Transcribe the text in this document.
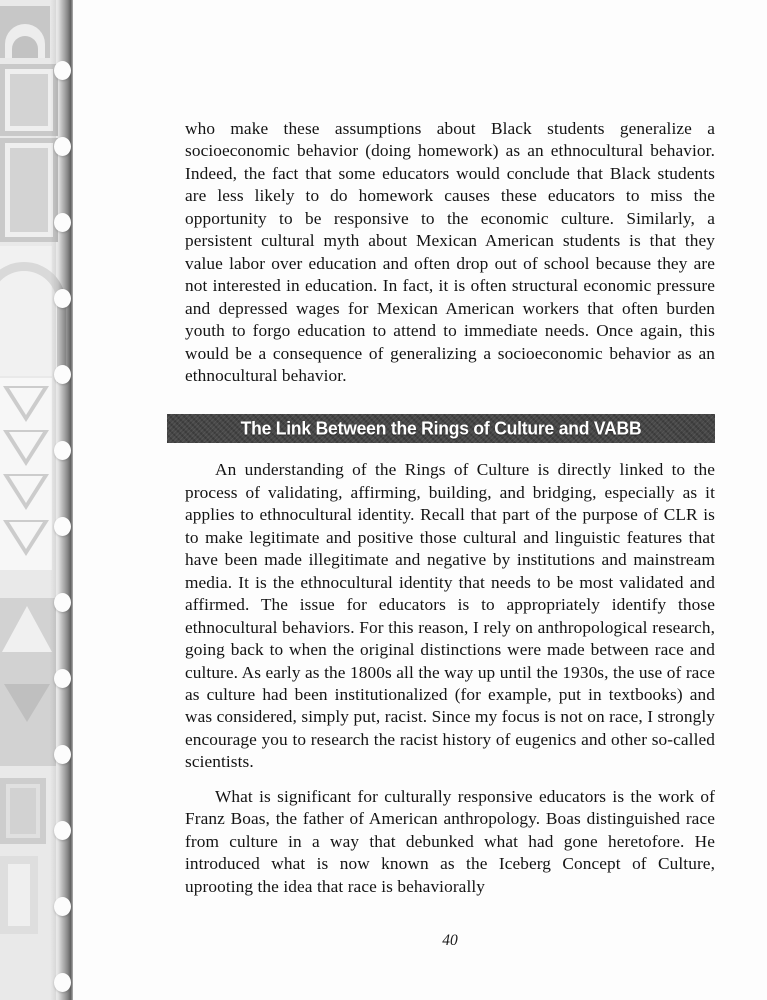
who make these assumptions about Black students generalize a socioeconomic behavior (doing homework) as an ethnocultural behavior. Indeed, the fact that some educators would conclude that Black students are less likely to do homework causes these educators to miss the opportunity to be responsive to the economic culture. Similarly, a persistent cultural myth about Mexican American students is that they value labor over education and often drop out of school because they are not interested in education. In fact, it is often structural economic pressure and depressed wages for Mexican American workers that often burden youth to forgo education to attend to immediate needs. Once again, this would be a consequence of generalizing a socioeconomic behavior as an ethnocultural behavior.

The Link Between the Rings of Culture and VABB

An understanding of the Rings of Culture is directly linked to the process of validating, affirming, building, and bridging, especially as it applies to ethnocultural identity. Recall that part of the purpose of CLR is to make legitimate and positive those cultural and linguistic features that have been made illegitimate and negative by institutions and mainstream media. It is the ethnocultural identity that needs to be most validated and affirmed. The issue for educators is to appropriately identify those ethnocultural behaviors. For this reason, I rely on anthropological research, going back to when the original distinctions were made between race and culture. As early as the 1800s all the way up until the 1930s, the use of race as culture had been institutionalized (for example, put in textbooks) and was considered, simply put, racist. Since my focus is not on race, I strongly encourage you to research the racist history of eugenics and other so-called scientists.

What is significant for culturally responsive educators is the work of Franz Boas, the father of American anthropology. Boas distinguished race from culture in a way that debunked what had gone heretofore. He introduced what is now known as the Iceberg Concept of Culture, uprooting the idea that race is behaviorally

40
